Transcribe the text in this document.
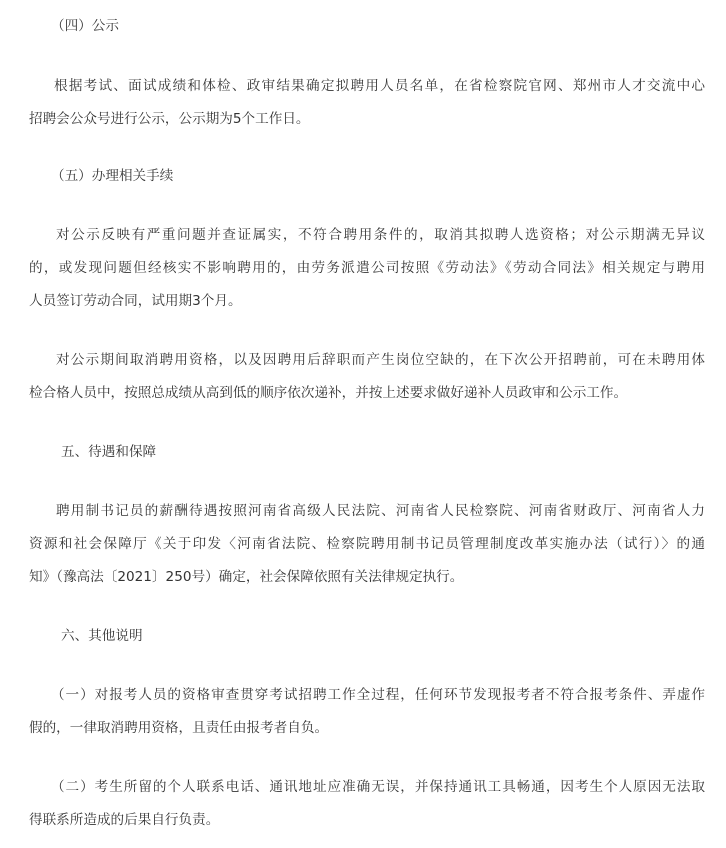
（四）公示

根据考试、面试成绩和体检、政审结果确定拟聘用人员名单，在省检察院官网、郑州市人才交流中心

招聘会公众号进行公示，公示期为5个工作日。

（五）办理相关手续

对公示反映有严重问题并查证属实，不符合聘用条件的，取消其拟聘人选资格；对公示期满无异议

的，或发现问题但经核实不影响聘用的，由劳务派遣公司按照《劳动法》《劳动合同法》相关规定与聘用

人员签订劳动合同，试用期3个月。

对公示期间取消聘用资格，以及因聘用后辞职而产生岗位空缺的，在下次公开招聘前，可在未聘用体

检合格人员中，按照总成绩从高到低的顺序依次递补，并按上述要求做好递补人员政审和公示工作。

五、待遇和保障

聘用制书记员的薪酬待遇按照河南省高级人民法院、河南省人民检察院、河南省财政厅、河南省人力

资源和社会保障厅《关于印发〈河南省法院、检察院聘用制书记员管理制度改革实施办法（试行）〉的通

知》（豫高法〔2021〕250号）确定，社会保障依照有关法律规定执行。

六、其他说明

（一）对报考人员的资格审查贯穿考试招聘工作全过程，任何环节发现报考者不符合报考条件、弄虚作

假的，一律取消聘用资格，且责任由报考者自负。

（二）考生所留的个人联系电话、通讯地址应准确无误，并保持通讯工具畅通，因考生个人原因无法取

得联系所造成的后果自行负责。
